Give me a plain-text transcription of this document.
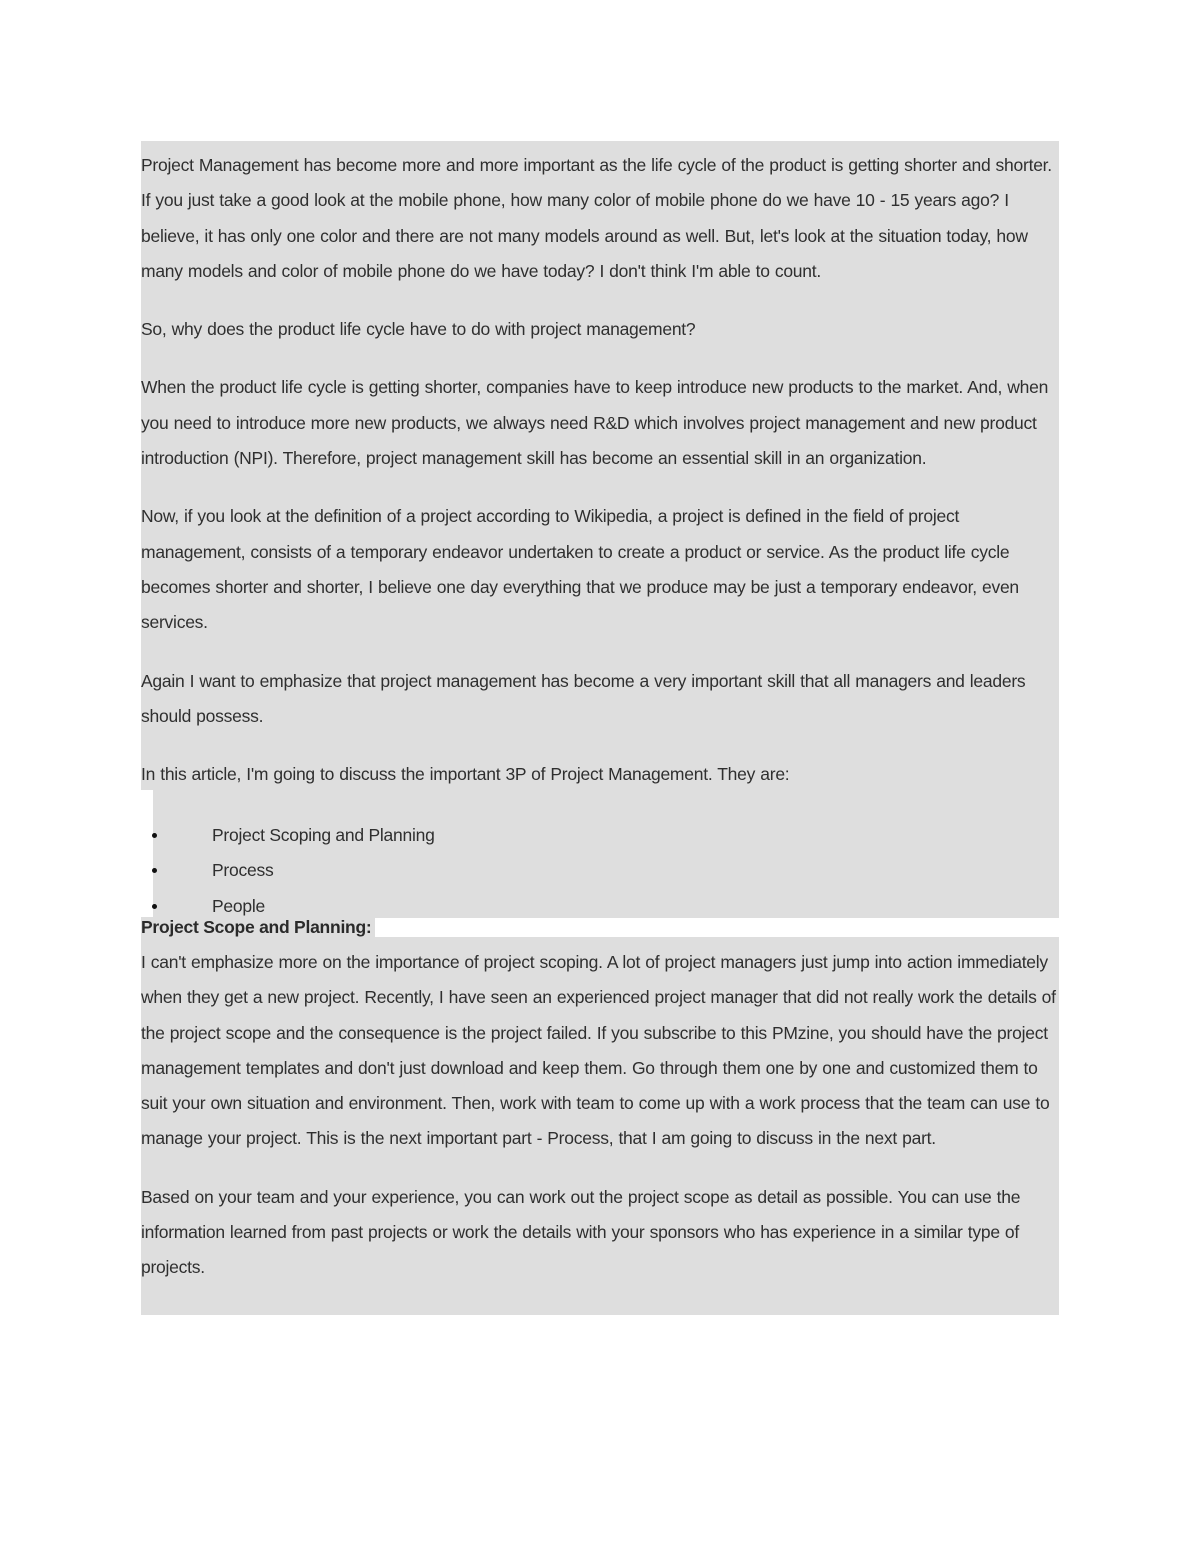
Project Management has become more and more important as the life cycle of the product is getting shorter and shorter. If you just take a good look at the mobile phone, how many color of mobile phone do we have 10 - 15 years ago? I believe, it has only one color and there are not many models around as well. But, let's look at the situation today, how many models and color of mobile phone do we have today? I don't think I'm able to count.

So, why does the product life cycle have to do with project management?

When the product life cycle is getting shorter, companies have to keep introduce new products to the market. And, when you need to introduce more new products, we always need R&D which involves project management and new product introduction (NPI). Therefore, project management skill has become an essential skill in an organization.

Now, if you look at the definition of a project according to Wikipedia, a project is defined in the field of project management, consists of a temporary endeavor undertaken to create a product or service. As the product life cycle becomes shorter and shorter, I believe one day everything that we produce may be just a temporary endeavor, even services.

Again I want to emphasize that project management has become a very important skill that all managers and leaders should possess.

In this article, I'm going to discuss the important 3P of Project Management. They are:

Project Scoping and Planning
Process
People
Project Scope and Planning:

I can't emphasize more on the importance of project scoping. A lot of project managers just jump into action immediately when they get a new project. Recently, I have seen an experienced project manager that did not really work the details of the project scope and the consequence is the project failed. If you subscribe to this PMzine, you should have the project management templates and don't just download and keep them. Go through them one by one and customized them to suit your own situation and environment. Then, work with team to come up with a work process that the team can use to manage your project. This is the next important part - Process, that I am going to discuss in the next part.

Based on your team and your experience, you can work out the project scope as detail as possible. You can use the information learned from past projects or work the details with your sponsors who has experience in a similar type of projects.
